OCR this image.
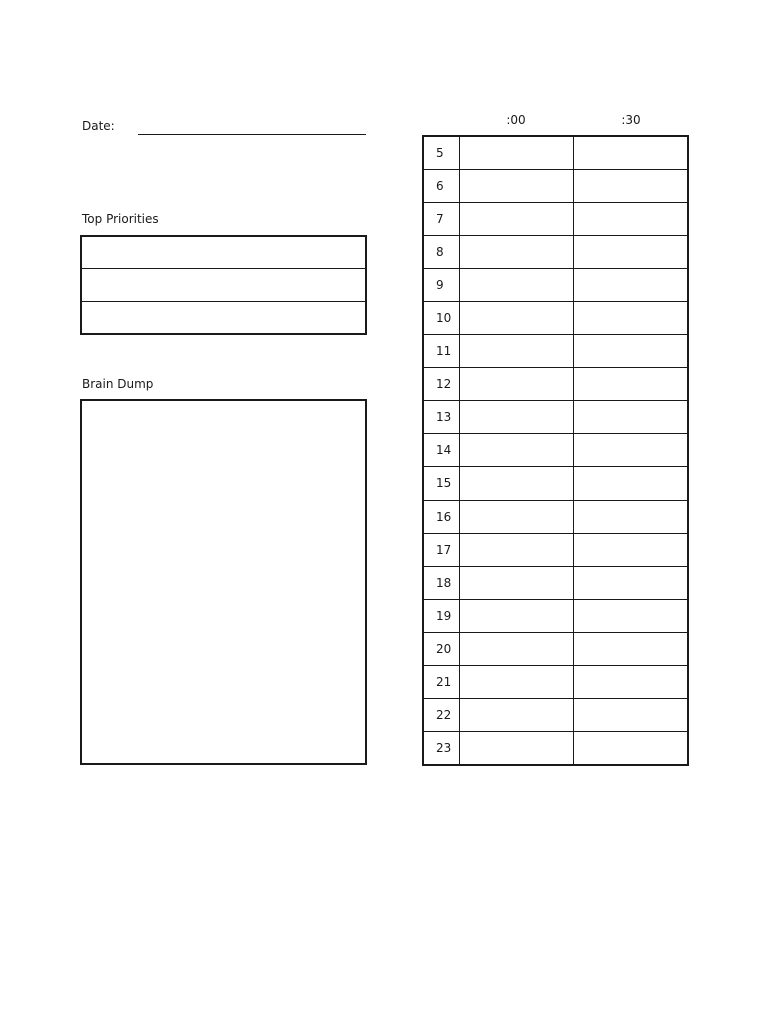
Date:
Top Priorities
Brain Dump
:00	:30
5
6
7
8
9
10
11
12
13
14
15
16
17
18
19
20
21
22
23
